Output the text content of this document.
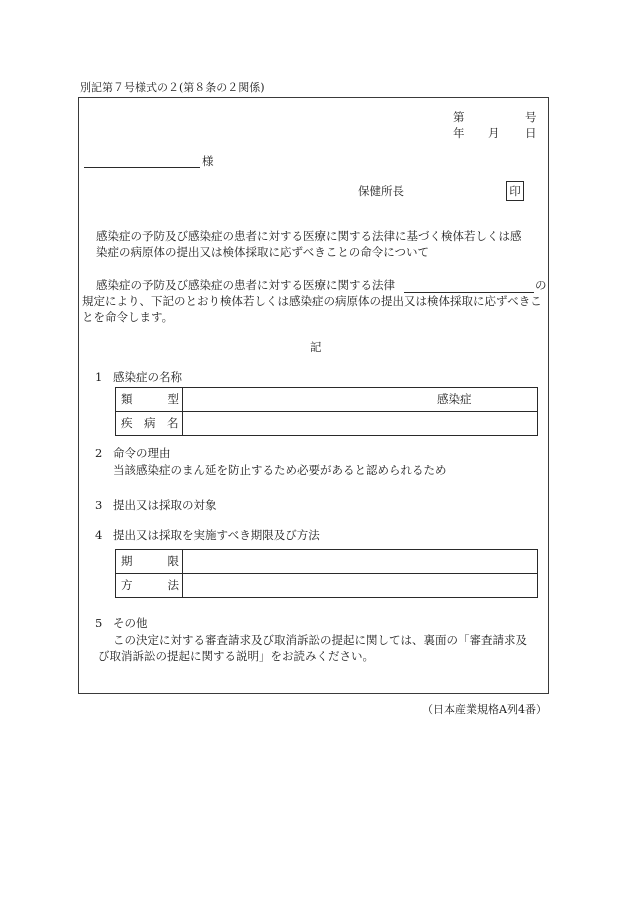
別記第７号様式の２(第８条の２関係)
第	号
年 月 日
様
保健所長	印
感染症の予防及び感染症の患者に対する医療に関する法律に基づく検体若しくは感
染症の病原体の提出又は検体採取に応ずべきことの命令について
感染症の予防及び感染症の患者に対する医療に関する法律	の
規定により、下記のとおり検体若しくは感染症の病原体の提出又は検体採取に応ずべきこ
とを命令します。
記
1 感染症の名称
類　　型	感染症
疾　病　名
2 命令の理由
当該感染症のまん延を防止するため必要があると認められるため
3 提出又は採取の対象
4 提出又は採取を実施すべき期限及び方法
期　　限
方　　法
5 その他
この決定に対する審査請求及び取消訴訟の提起に関しては、裏面の「審査請求及
び取消訴訟の提起に関する説明」をお読みください。
（日本産業規格A列4番）
